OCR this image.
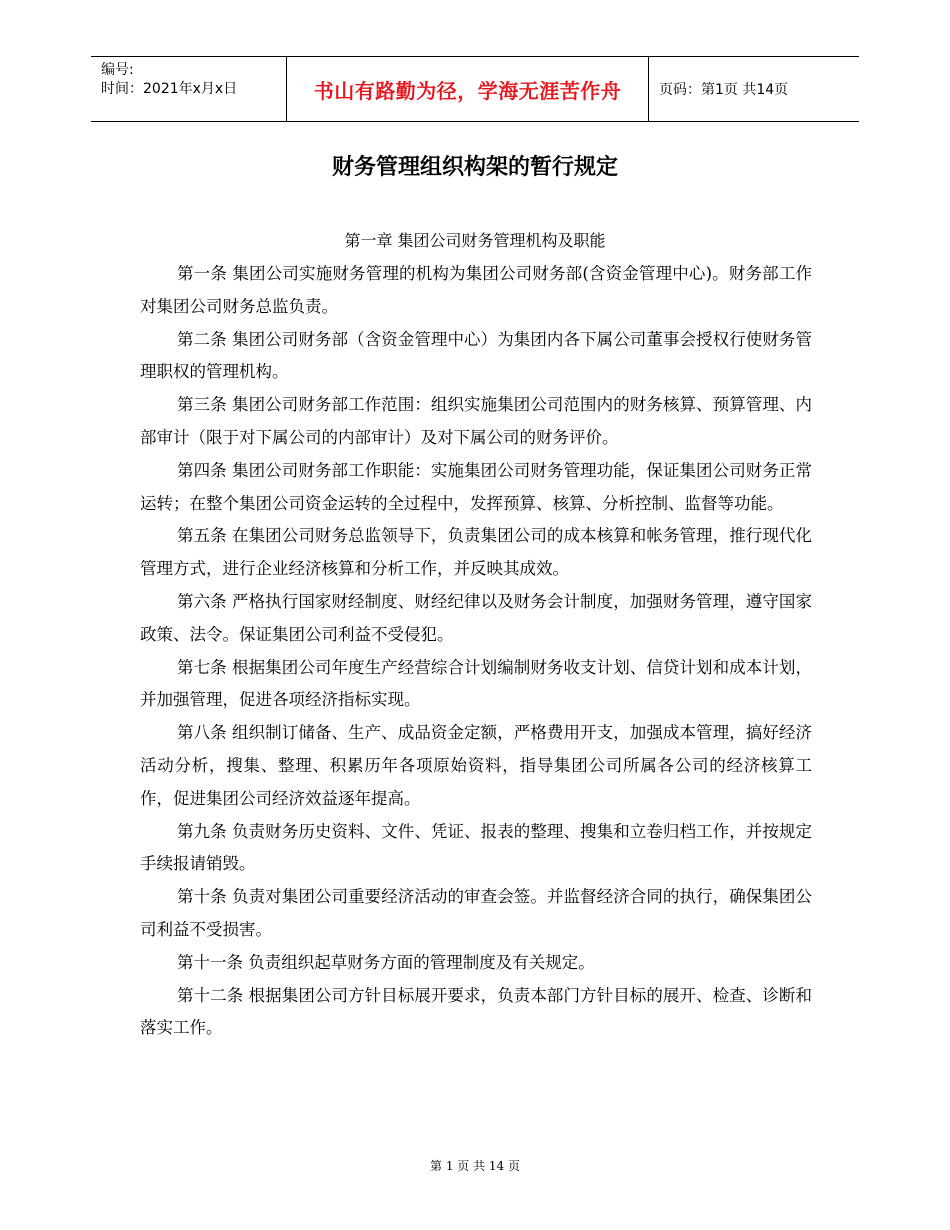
编号:
时间：2021年x月x日	书山有路勤为径，学海无涯苦作舟	页码：第1页 共14页
财务管理组织构架的暂行规定
第一章 集团公司财务管理机构及职能

第一条 集团公司实施财务管理的机构为集团公司财务部(含资金管理中心)。财务部工作对集团公司财务总监负责。

第二条 集团公司财务部（含资金管理中心）为集团内各下属公司董事会授权行使财务管理职权的管理机构。

第三条 集团公司财务部工作范围：组织实施集团公司范围内的财务核算、预算管理、内部审计（限于对下属公司的内部审计）及对下属公司的财务评价。

第四条 集团公司财务部工作职能：实施集团公司财务管理功能，保证集团公司财务正常运转；在整个集团公司资金运转的全过程中，发挥预算、核算、分析控制、监督等功能。

第五条 在集团公司财务总监领导下，负责集团公司的成本核算和帐务管理，推行现代化管理方式，进行企业经济核算和分析工作，并反映其成效。

第六条 严格执行国家财经制度、财经纪律以及财务会计制度，加强财务管理，遵守国家政策、法令。保证集团公司利益不受侵犯。

第七条 根据集团公司年度生产经营综合计划编制财务收支计划、信贷计划和成本计划，并加强管理，促进各项经济指标实现。

第八条 组织制订储备、生产、成品资金定额，严格费用开支，加强成本管理，搞好经济活动分析，搜集、整理、积累历年各项原始资料，指导集团公司所属各公司的经济核算工作，促进集团公司经济效益逐年提高。

第九条 负责财务历史资料、文件、凭证、报表的整理、搜集和立卷归档工作，并按规定手续报请销毁。

第十条 负责对集团公司重要经济活动的审查会签。并监督经济合同的执行，确保集团公司利益不受损害。

第十一条 负责组织起草财务方面的管理制度及有关规定。

第十二条 根据集团公司方针目标展开要求，负责本部门方针目标的展开、检查、诊断和落实工作。

第 1 页 共 14 页
